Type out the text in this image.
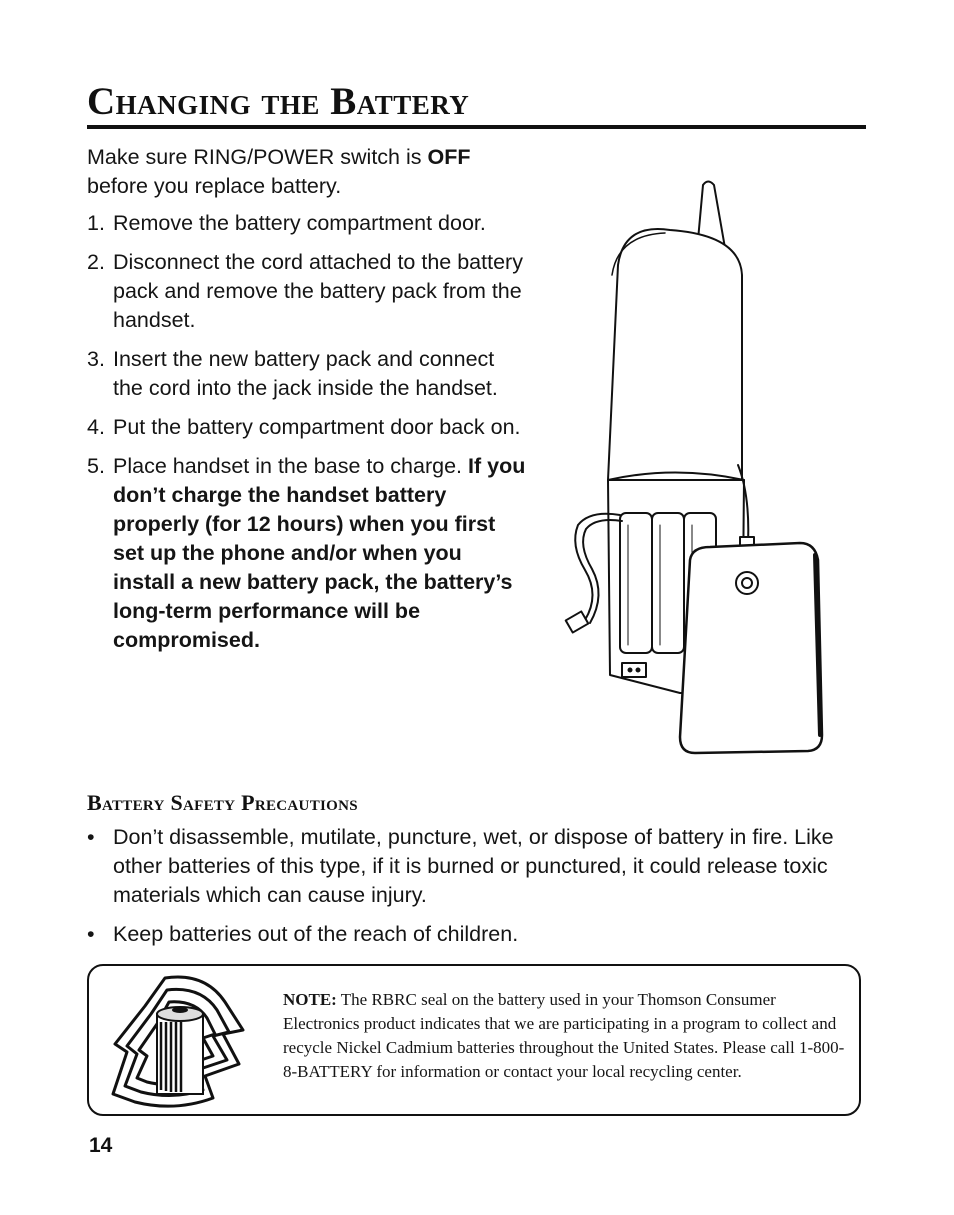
Changing the Battery
Make sure RING/POWER switch is OFF before you replace battery.
1. Remove the battery compartment door.
2. Disconnect the cord attached to the battery pack and remove the battery pack from the handset.
3. Insert the new battery pack and connect the cord into the jack inside the handset.
4. Put the battery compartment door back on.
5. Place handset in the base to charge. If you don’t charge the handset battery properly (for 12 hours) when you first set up the phone and/or when you install a new battery pack, the battery’s long-term performance will be compromised.
Battery Safety Precautions
• Don’t disassemble, mutilate, puncture, wet, or dispose of battery in fire. Like other batteries of this type, if it is burned or punctured, it could release toxic materials which can cause injury.
• Keep batteries out of the reach of children.
NOTE: The RBRC seal on the battery used in your Thomson Consumer Electronics product indicates that we are participating in a program to collect and recycle Nickel Cadmium batteries throughout the United States. Please call 1-800-8-BATTERY for information or contact your local recycling center.
14
